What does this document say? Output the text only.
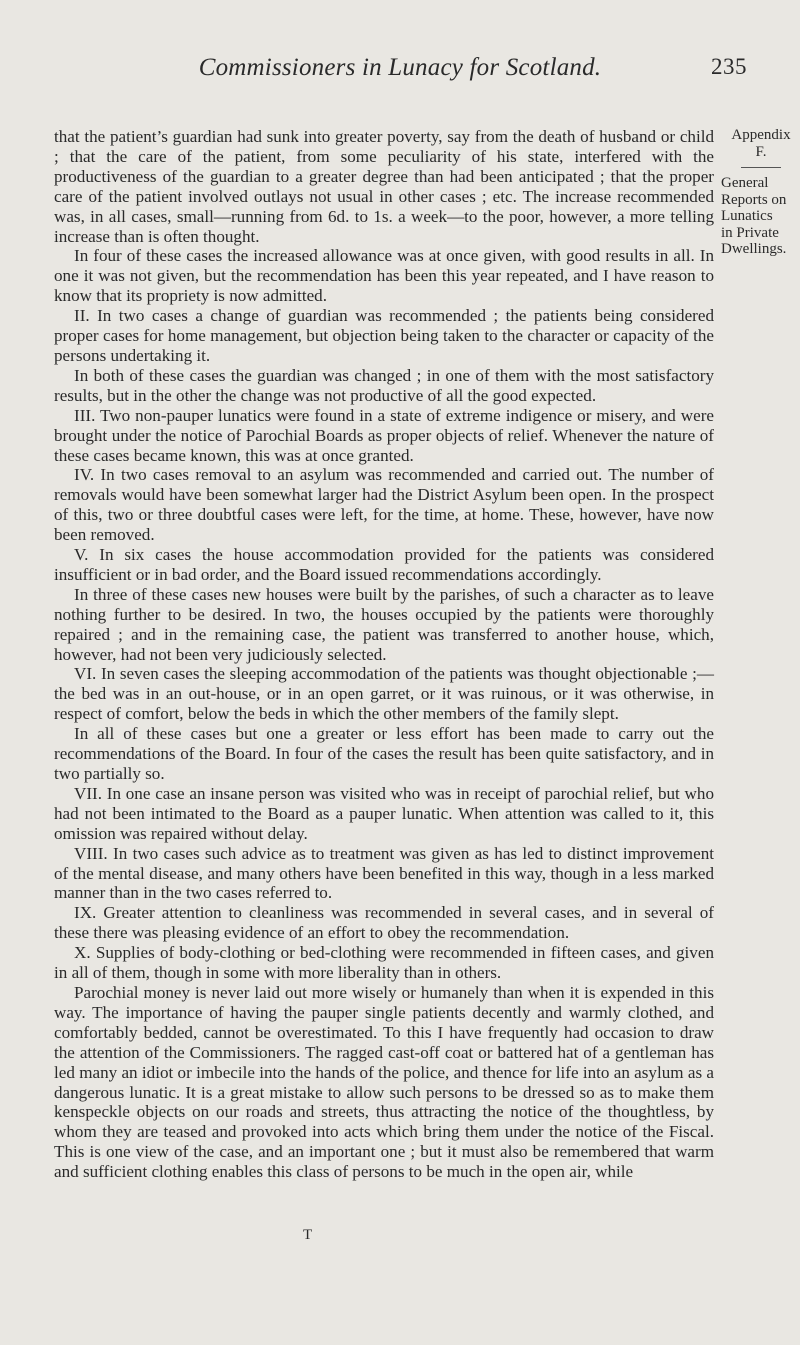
Commissioners in Lunacy for Scotland.	235

that the patient’s guardian had sunk into greater poverty, say from the death of husband or child ; that the care of the patient, from some peculiarity of his state, interfered with the productiveness of the guardian to a greater degree than had been anticipated ; that the proper care of the patient involved outlays not usual in other cases ; etc. The increase recommended was, in all cases, small—running from 6d. to 1s. a week—to the poor, however, a more telling increase than is often thought.

In four of these cases the increased allowance was at once given, with good results in all. In one it was not given, but the recommendation has been this year repeated, and I have reason to know that its propriety is now admitted.

II. In two cases a change of guardian was recommended ; the patients being considered proper cases for home management, but objection being taken to the character or capacity of the persons undertaking it.

In both of these cases the guardian was changed ; in one of them with the most satisfactory results, but in the other the change was not productive of all the good expected.

III. Two non-pauper lunatics were found in a state of extreme indigence or misery, and were brought under the notice of Parochial Boards as proper objects of relief. Whenever the nature of these cases became known, this was at once granted.

IV. In two cases removal to an asylum was recommended and carried out. The number of removals would have been somewhat larger had the District Asylum been open. In the prospect of this, two or three doubtful cases were left, for the time, at home. These, however, have now been removed.

V. In six cases the house accommodation provided for the patients was considered insufficient or in bad order, and the Board issued recommendations accordingly.

In three of these cases new houses were built by the parishes, of such a character as to leave nothing further to be desired. In two, the houses occupied by the patients were thoroughly repaired ; and in the remaining case, the patient was transferred to another house, which, however, had not been very judiciously selected.

VI. In seven cases the sleeping accommodation of the patients was thought objectionable ;—the bed was in an out-house, or in an open garret, or it was ruinous, or it was otherwise, in respect of comfort, below the beds in which the other members of the family slept.

In all of these cases but one a greater or less effort has been made to carry out the recommendations of the Board. In four of the cases the result has been quite satisfactory, and in two partially so.

VII. In one case an insane person was visited who was in receipt of parochial relief, but who had not been intimated to the Board as a pauper lunatic. When attention was called to it, this omission was repaired without delay.

VIII. In two cases such advice as to treatment was given as has led to distinct improvement of the mental disease, and many others have been benefited in this way, though in a less marked manner than in the two cases referred to.

IX. Greater attention to cleanliness was recommended in several cases, and in several of these there was pleasing evidence of an effort to obey the recommendation.

X. Supplies of body-clothing or bed-clothing were recommended in fifteen cases, and given in all of them, though in some with more liberality than in others.

Parochial money is never laid out more wisely or humanely than when it is expended in this way. The importance of having the pauper single patients decently and warmly clothed, and comfortably bedded, cannot be overestimated. To this I have frequently had occasion to draw the attention of the Commissioners. The ragged cast-off coat or battered hat of a gentleman has led many an idiot or imbecile into the hands of the police, and thence for life into an asylum as a dangerous lunatic. It is a great mistake to allow such persons to be dressed so as to make them kenspeckle objects on our roads and streets, thus attracting the notice of the thoughtless, by whom they are teased and provoked into acts which bring them under the notice of the Fiscal. This is one view of the case, and an important one ; but it must also be remembered that warm and sufficient clothing enables this class of persons to be much in the open air, while

Appendix
F.
General
Reports on
Lunatics
in Private
Dwellings.
T
